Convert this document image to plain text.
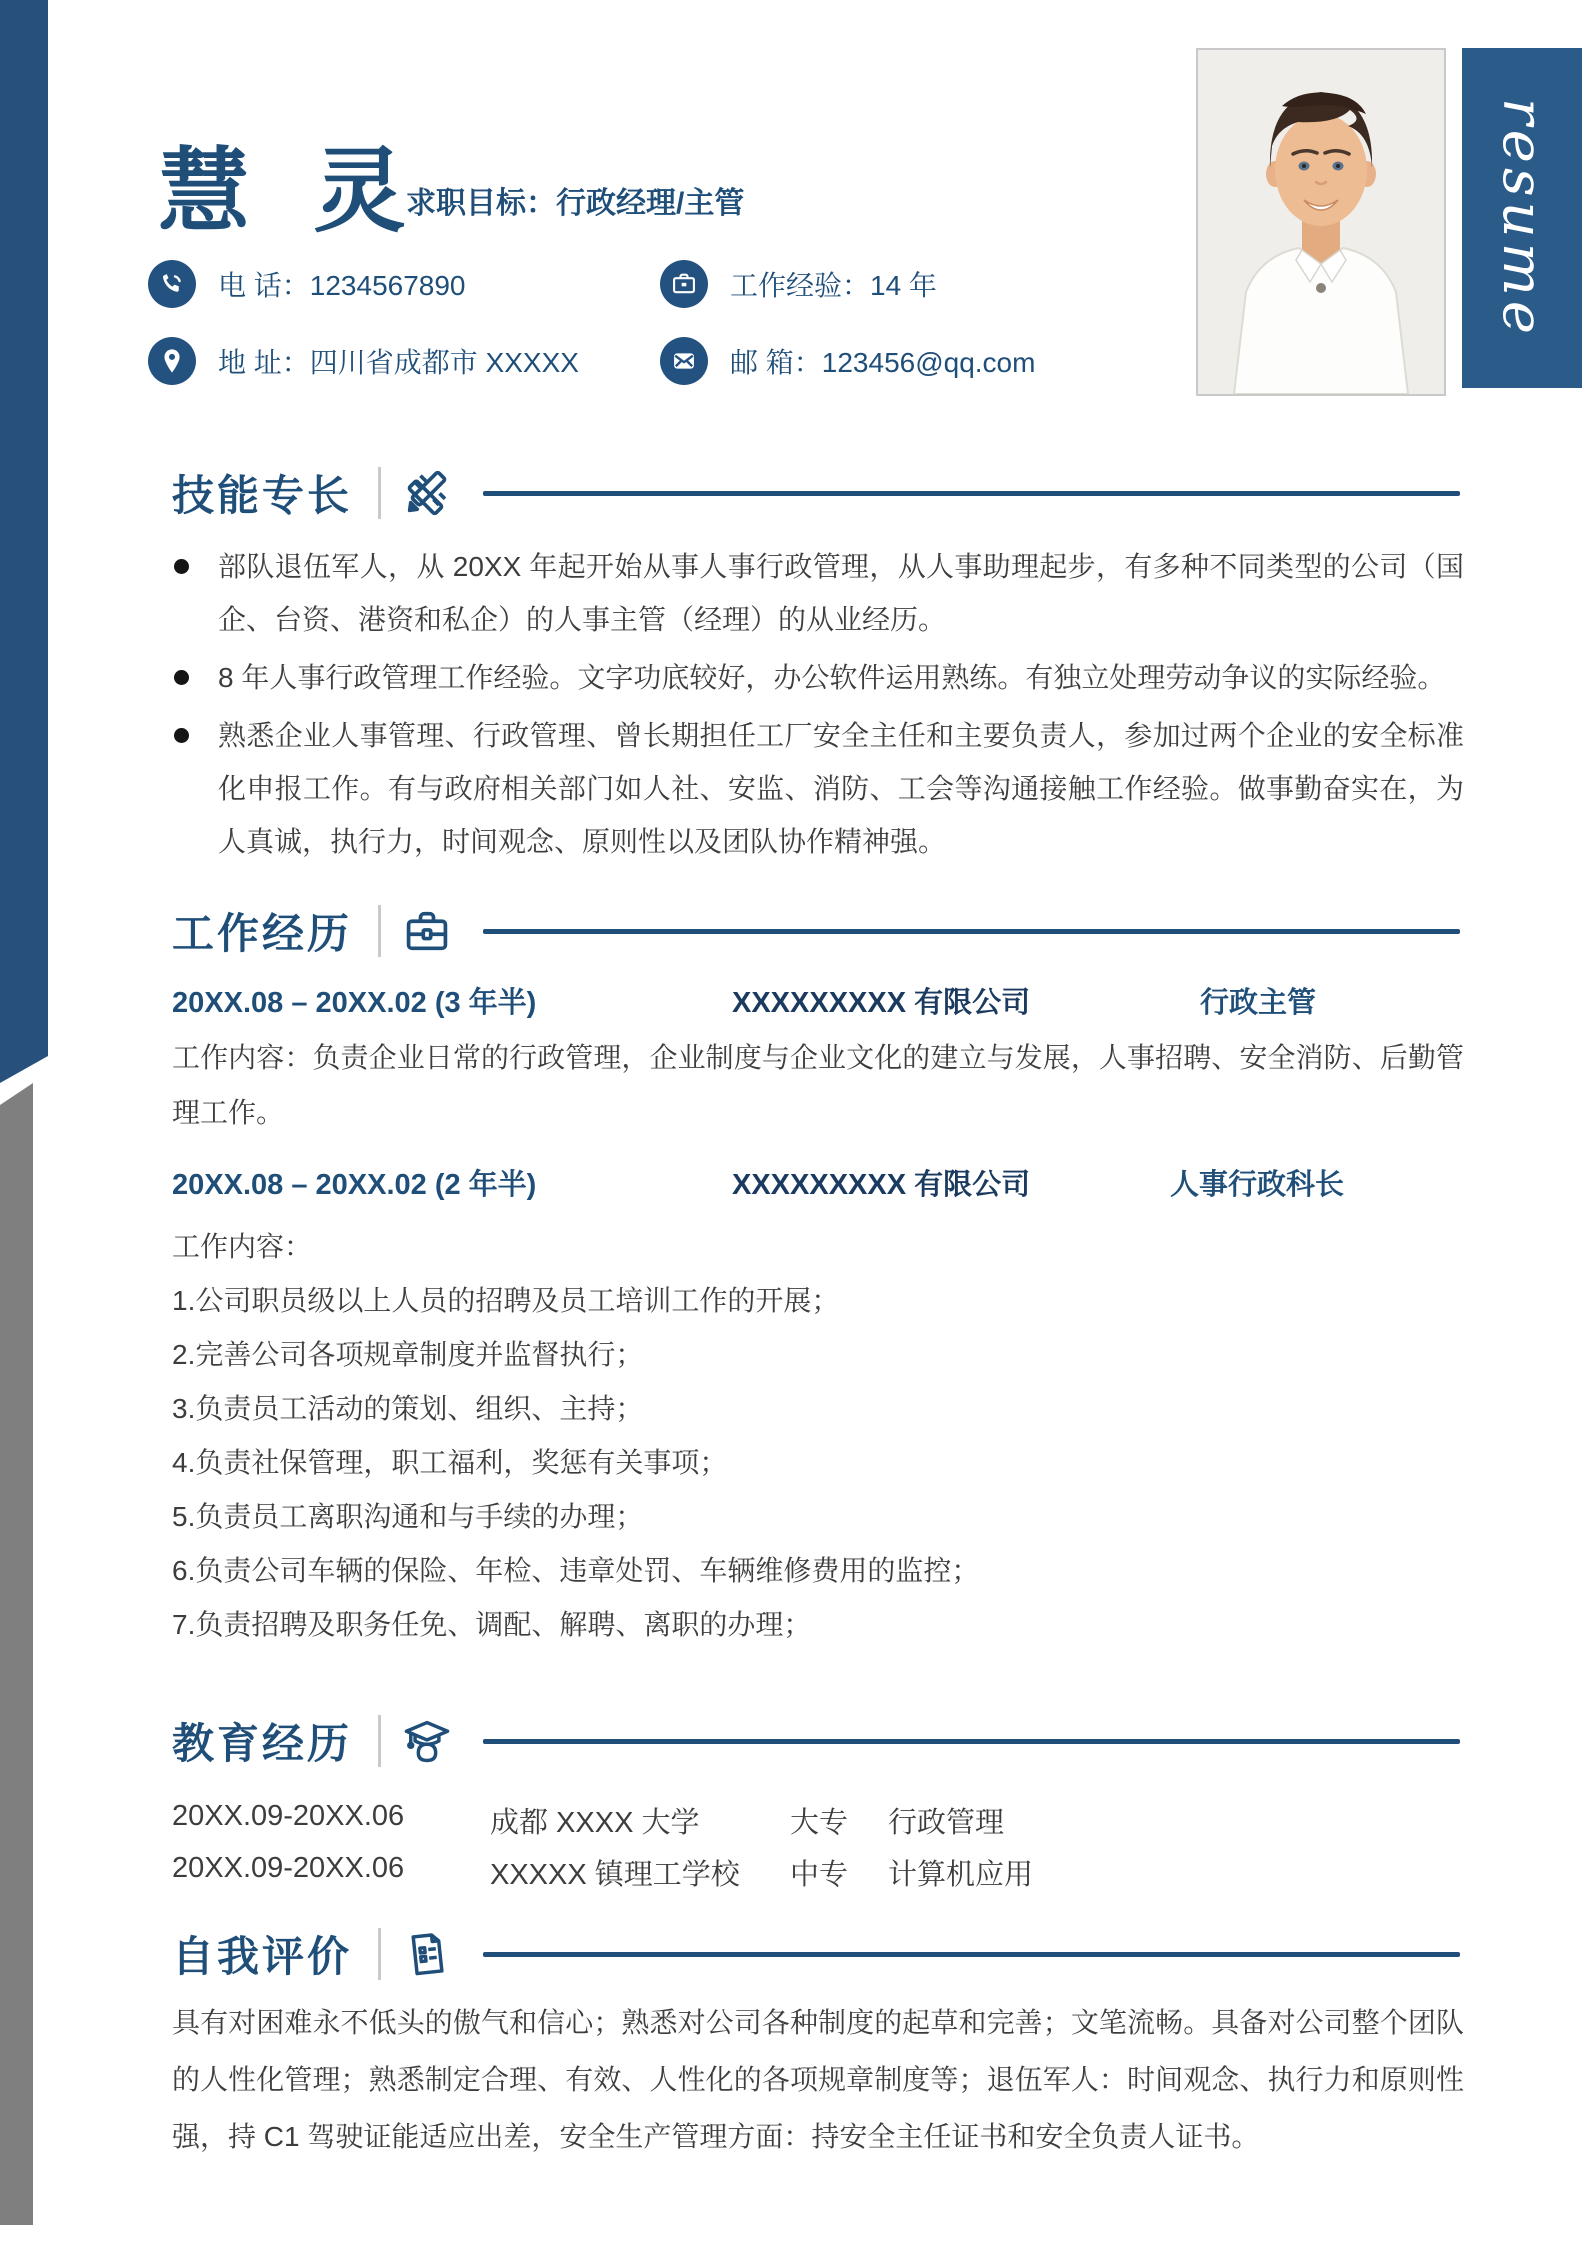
慧 灵
求职目标：行政经理/主管
电 话：1234567890	工作经验：14 年
地 址：四川省成都市 XXXXX	邮 箱：123456@qq.com
resume
技能专长
部队退伍军人，从 20XX 年起开始从事人事行政管理，从人事助理起步，有多种不同类型的公司（国企、台资、港资和私企）的人事主管（经理）的从业经历。
8 年人事行政管理工作经验。文字功底较好，办公软件运用熟练。有独立处理劳动争议的实际经验。
熟悉企业人事管理、行政管理、曾长期担任工厂安全主任和主要负责人，参加过两个企业的安全标准化申报工作。有与政府相关部门如人社、安监、消防、工会等沟通接触工作经验。做事勤奋实在，为人真诚，执行力，时间观念、原则性以及团队协作精神强。
工作经历
20XX.08 – 20XX.02 (3 年半)	XXXXXXXXX 有限公司	行政主管
工作内容：负责企业日常的行政管理，企业制度与企业文化的建立与发展，人事招聘、安全消防、后勤管理工作。
20XX.08 – 20XX.02 (2 年半)	XXXXXXXXX 有限公司	人事行政科长
工作内容：
1.公司职员级以上人员的招聘及员工培训工作的开展；
2.完善公司各项规章制度并监督执行；
3.负责员工活动的策划、组织、主持；
4.负责社保管理，职工福利，奖惩有关事项；
5.负责员工离职沟通和与手续的办理；
6.负责公司车辆的保险、年检、违章处罚、车辆维修费用的监控；
7.负责招聘及职务任免、调配、解聘、离职的办理；
教育经历
20XX.09-20XX.06	成都 XXXX 大学	大专	行政管理
20XX.09-20XX.06	XXXXX 镇理工学校	中专	计算机应用
自我评价
具有对困难永不低头的傲气和信心；熟悉对公司各种制度的起草和完善；文笔流畅。具备对公司整个团队的人性化管理；熟悉制定合理、有效、人性化的各项规章制度等；退伍军人：时间观念、执行力和原则性强，持 C1 驾驶证能适应出差，安全生产管理方面：持安全主任证书和安全负责人证书。
